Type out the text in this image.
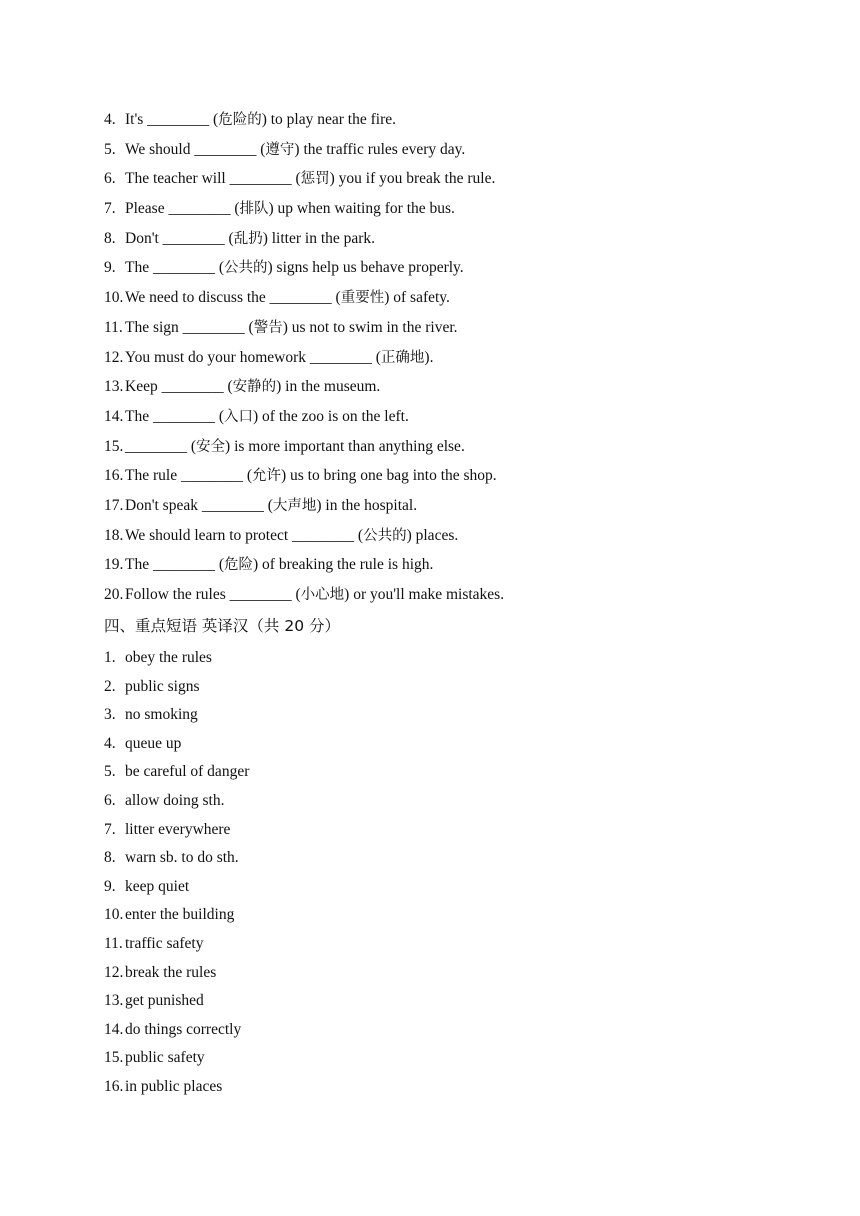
4. It's ________ (危险的) to play near the fire.
5. We should ________ (遵守) the traffic rules every day.
6. The teacher will ________ (惩罚) you if you break the rule.
7. Please ________ (排队) up when waiting for the bus.
8. Don't ________ (乱扔) litter in the park.
9. The ________ (公共的) signs help us behave properly.
10. We need to discuss the ________ (重要性) of safety.
11. The sign ________ (警告) us not to swim in the river.
12. You must do your homework ________ (正确地).
13. Keep ________ (安静的) in the museum.
14. The ________ (入口) of the zoo is on the left.
15. ________ (安全) is more important than anything else.
16. The rule ________ (允许) us to bring one bag into the shop.
17. Don't speak ________ (大声地) in the hospital.
18. We should learn to protect ________ (公共的) places.
19. The ________ (危险) of breaking the rule is high.
20. Follow the rules ________ (小心地) or you'll make mistakes.
四、重点短语 英译汉（共 20 分）
1. obey the rules
2. public signs
3. no smoking
4. queue up
5. be careful of danger
6. allow doing sth.
7. litter everywhere
8. warn sb. to do sth.
9. keep quiet
10. enter the building
11. traffic safety
12. break the rules
13. get punished
14. do things correctly
15. public safety
16. in public places
